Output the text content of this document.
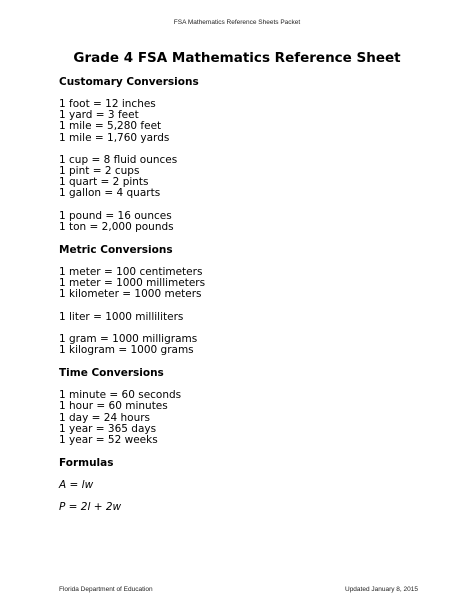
FSA Mathematics Reference Sheets Packet
Grade 4 FSA Mathematics Reference Sheet
Customary Conversions
1 foot = 12 inches
1 yard = 3 feet
1 mile = 5,280 feet
1 mile = 1,760 yards
1 cup = 8 fluid ounces
1 pint = 2 cups
1 quart = 2 pints
1 gallon = 4 quarts
1 pound = 16 ounces
1 ton = 2,000 pounds
Metric Conversions
1 meter = 100 centimeters
1 meter = 1000 millimeters
1 kilometer = 1000 meters
1 liter = 1000 milliliters
1 gram = 1000 milligrams
1 kilogram = 1000 grams
Time Conversions
1 minute = 60 seconds
1 hour = 60 minutes
1 day = 24 hours
1 year = 365 days
1 year = 52 weeks
Formulas
A = lw
P = 2l + 2w
Florida Department of Education	Updated January 8, 2015
